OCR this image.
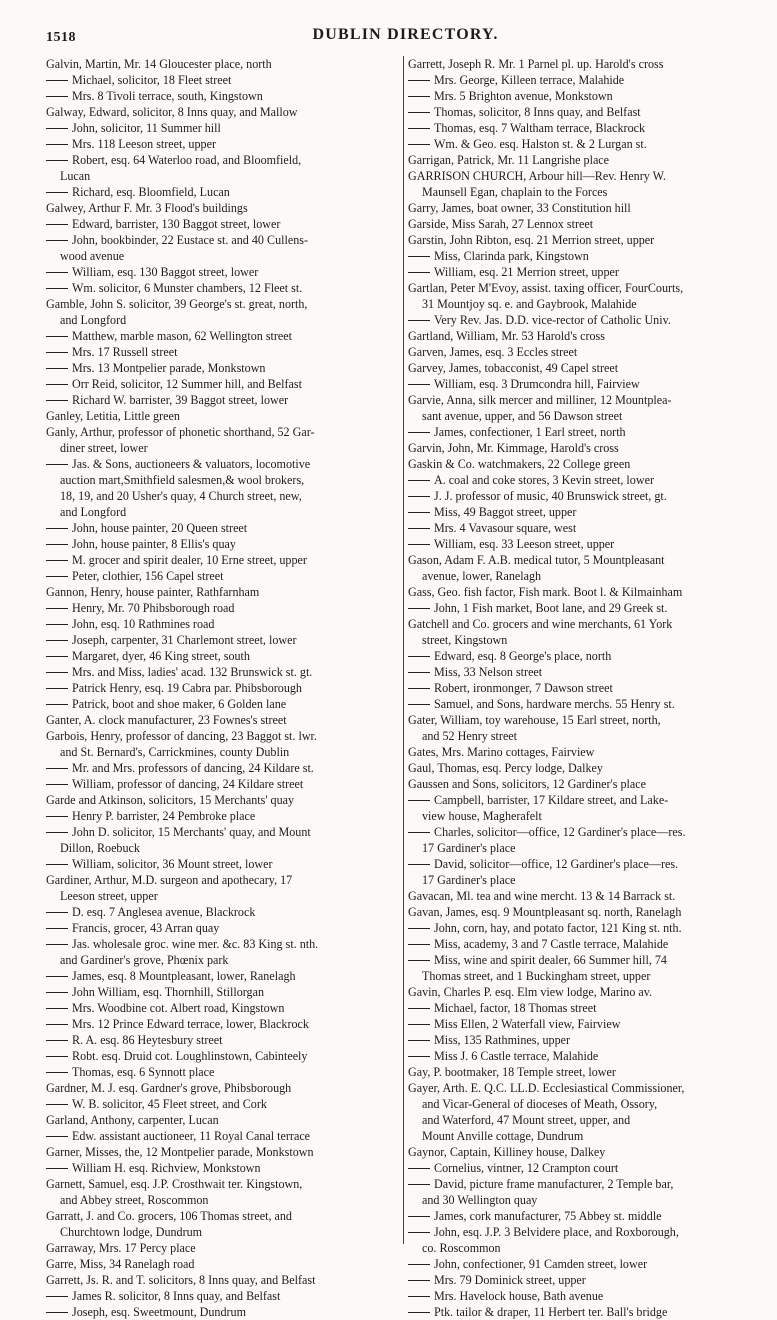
1518	DUBLIN DIRECTORY.
Galvin, Martin, Mr. 14 Gloucester place, north
Michael, solicitor, 18 Fleet street
Mrs. 8 Tivoli terrace, south, Kingstown
Galway, Edward, solicitor, 8 Inns quay, and Mallow
John, solicitor, 11 Summer hill
Mrs. 118 Leeson street, upper
Robert, esq. 64 Waterloo road, and Bloomfield,
Lucan
Richard, esq. Bloomfield, Lucan
Galwey, Arthur F. Mr. 3 Flood's buildings
Edward, barrister, 130 Baggot street, lower
John, bookbinder, 22 Eustace st. and 40 Cullens-
wood avenue
William, esq. 130 Baggot street, lower
Wm. solicitor, 6 Munster chambers, 12 Fleet st.
Gamble, John S. solicitor, 39 George's st. great, north,
and Longford
Matthew, marble mason, 62 Wellington street
Mrs. 17 Russell street
Mrs. 13 Montpelier parade, Monkstown
Orr Reid, solicitor, 12 Summer hill, and Belfast
Richard W. barrister, 39 Baggot street, lower
Ganley, Letitia, Little green
Ganly, Arthur, professor of phonetic shorthand, 52 Gar-
diner street, lower
Jas. & Sons, auctioneers & valuators, locomotive
auction mart,Smithfield salesmen,& wool brokers,
18, 19, and 20 Usher's quay, 4 Church street, new,
and Longford
John, house painter, 20 Queen street
John, house painter, 8 Ellis's quay
M. grocer and spirit dealer, 10 Erne street, upper
Peter, clothier, 156 Capel street
Gannon, Henry, house painter, Rathfarnham
Henry, Mr. 70 Phibsborough road
John, esq. 10 Rathmines road
Joseph, carpenter, 31 Charlemont street, lower
Margaret, dyer, 46 King street, south
Mrs. and Miss, ladies' acad. 132 Brunswick st. gt.
Patrick Henry, esq. 19 Cabra par. Phibsborough
Patrick, boot and shoe maker, 6 Golden lane
Ganter, A. clock manufacturer, 23 Fownes's street
Garbois, Henry, professor of dancing, 23 Baggot st. lwr.
and St. Bernard's, Carrickmines, county Dublin
Mr. and Mrs. professors of dancing, 24 Kildare st.
William, professor of dancing, 24 Kildare street
Garde and Atkinson, solicitors, 15 Merchants' quay
Henry P. barrister, 24 Pembroke place
John D. solicitor, 15 Merchants' quay, and Mount
Dillon, Roebuck
William, solicitor, 36 Mount street, lower
Gardiner, Arthur, M.D. surgeon and apothecary, 17
Leeson street, upper
D. esq. 7 Anglesea avenue, Blackrock
Francis, grocer, 43 Arran quay
Jas. wholesale groc. wine mer. &c. 83 King st. nth.
and Gardiner's grove, Phœnix park
James, esq. 8 Mountpleasant, lower, Ranelagh
John William, esq. Thornhill, Stillorgan
Mrs. Woodbine cot. Albert road, Kingstown
Mrs. 12 Prince Edward terrace, lower, Blackrock
R. A. esq. 86 Heytesbury street
Robt. esq. Druid cot. Loughlinstown, Cabinteely
Thomas, esq. 6 Synnott place
Gardner, M. J. esq. Gardner's grove, Phibsborough
W. B. solicitor, 45 Fleet street, and Cork
Garland, Anthony, carpenter, Lucan
Edw. assistant auctioneer, 11 Royal Canal terrace
Garner, Misses, the, 12 Montpelier parade, Monkstown
William H. esq. Richview, Monkstown
Garnett, Samuel, esq. J.P. Crosthwait ter. Kingstown,
and Abbey street, Roscommon
Garratt, J. and Co. grocers, 106 Thomas street, and
Churchtown lodge, Dundrum
Garraway, Mrs. 17 Percy place
Garre, Miss, 34 Ranelagh road
Garrett, Js. R. and T. solicitors, 8 Inns quay, and Belfast
James R. solicitor, 8 Inns quay, and Belfast
Joseph, esq. Sweetmount, Dundrum
Garrett, Joseph R. Mr. 1 Parnel pl. up. Harold's cross
Mrs. George, Killeen terrace, Malahide
Mrs. 5 Brighton avenue, Monkstown
Thomas, solicitor, 8 Inns quay, and Belfast
Thomas, esq. 7 Waltham terrace, Blackrock
Wm. & Geo. esq. Halston st. & 2 Lurgan st.
Garrigan, Patrick, Mr. 11 Langrishe place
GARRISON CHURCH, Arbour hill—Rev. Henry W.
Maunsell Egan, chaplain to the Forces
Garry, James, boat owner, 33 Constitution hill
Garside, Miss Sarah, 27 Lennox street
Garstin, John Ribton, esq. 21 Merrion street, upper
Miss, Clarinda park, Kingstown
William, esq. 21 Merrion street, upper
Gartlan, Peter M'Evoy, assist. taxing officer, FourCourts,
31 Mountjoy sq. e. and Gaybrook, Malahide
Very Rev. Jas. D.D. vice-rector of Catholic Univ.
Gartland, William, Mr. 53 Harold's cross
Garven, James, esq. 3 Eccles street
Garvey, James, tobacconist, 49 Capel street
William, esq. 3 Drumcondra hill, Fairview
Garvie, Anna, silk mercer and milliner, 12 Mountplea-
sant avenue, upper, and 56 Dawson street
James, confectioner, 1 Earl street, north
Garvin, John, Mr. Kimmage, Harold's cross
Gaskin & Co. watchmakers, 22 College green
A. coal and coke stores, 3 Kevin street, lower
J. J. professor of music, 40 Brunswick street, gt.
Miss, 49 Baggot street, upper
Mrs. 4 Vavasour square, west
William, esq. 33 Leeson street, upper
Gason, Adam F. A.B. medical tutor, 5 Mountpleasant
avenue, lower, Ranelagh
Gass, Geo. fish factor, Fish mark. Boot l. & Kilmainham
John, 1 Fish market, Boot lane, and 29 Greek st.
Gatchell and Co. grocers and wine merchants, 61 York
street, Kingstown
Edward, esq. 8 George's place, north
Miss, 33 Nelson street
Robert, ironmonger, 7 Dawson street
Samuel, and Sons, hardware merchs. 55 Henry st.
Gater, William, toy warehouse, 15 Earl street, north,
and 52 Henry street
Gates, Mrs. Marino cottages, Fairview
Gaul, Thomas, esq. Percy lodge, Dalkey
Gaussen and Sons, solicitors, 12 Gardiner's place
Campbell, barrister, 17 Kildare street, and Lake-
view house, Magherafelt
Charles, solicitor—office, 12 Gardiner's place—res.
17 Gardiner's place
David, solicitor—office, 12 Gardiner's place—res.
17 Gardiner's place
Gavacan, Ml. tea and wine mercht. 13 & 14 Barrack st.
Gavan, James, esq. 9 Mountpleasant sq. north, Ranelagh
John, corn, hay, and potato factor, 121 King st. nth.
Miss, academy, 3 and 7 Castle terrace, Malahide
Miss, wine and spirit dealer, 66 Summer hill, 74
Thomas street, and 1 Buckingham street, upper
Gavin, Charles P. esq. Elm view lodge, Marino av.
Michael, factor, 18 Thomas street
Miss Ellen, 2 Waterfall view, Fairview
Miss, 135 Rathmines, upper
Miss J. 6 Castle terrace, Malahide
Gay, P. bootmaker, 18 Temple street, lower
Gayer, Arth. E. Q.C. LL.D. Ecclesiastical Commissioner,
and Vicar-General of dioceses of Meath, Ossory,
and Waterford, 47 Mount street, upper, and
Mount Anville cottage, Dundrum
Gaynor, Captain, Killiney house, Dalkey
Cornelius, vintner, 12 Crampton court
David, picture frame manufacturer, 2 Temple bar,
and 30 Wellington quay
James, cork manufacturer, 75 Abbey st. middle
John, esq. J.P. 3 Belvidere place, and Roxborough,
co. Roscommon
John, confectioner, 91 Camden street, lower
Mrs. 79 Dominick street, upper
Mrs. Havelock house, Bath avenue
Ptk. tailor & draper, 11 Herbert ter. Ball's bridge
